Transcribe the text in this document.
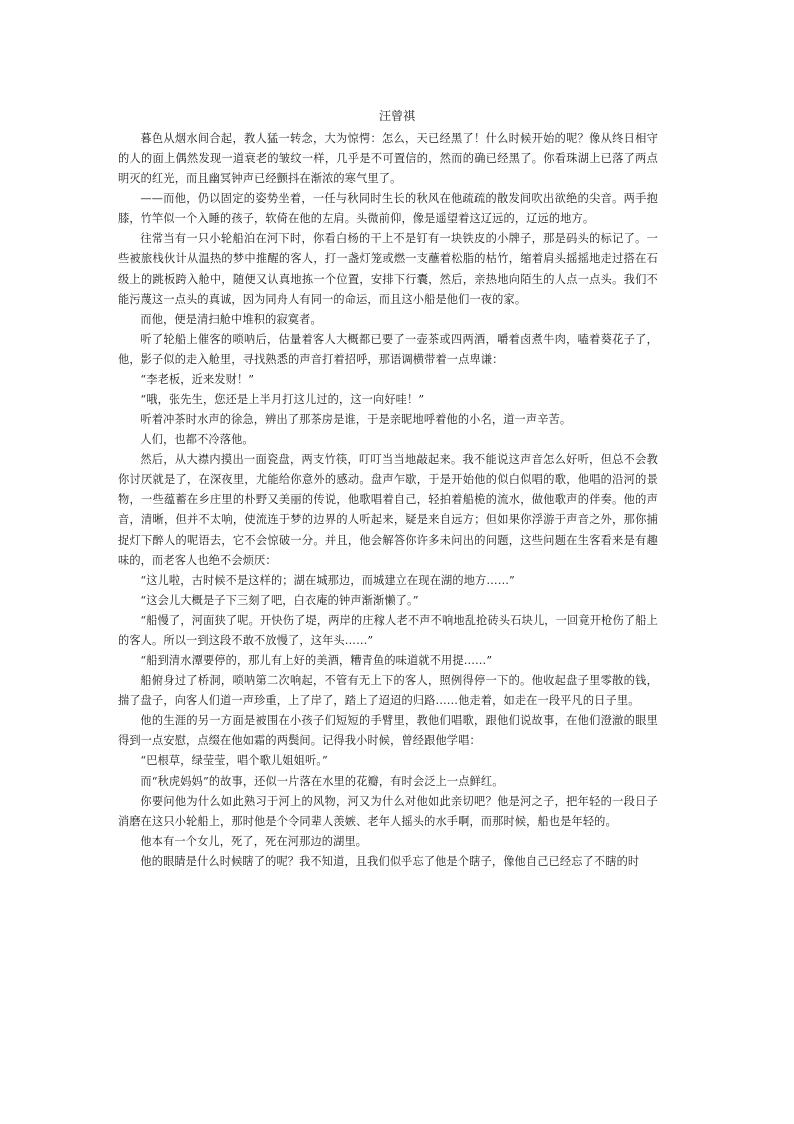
汪曾祺

暮色从烟水间合起，教人猛一转念，大为惊愕：怎么，天已经黑了！什么时候开始的呢？像从终日相守的人的面上偶然发现一道衰老的皱纹一样，几乎是不可置信的，然而的确已经黑了。你看珠湖上已落了两点明灭的红光，而且幽冥钟声已经颤抖在渐浓的寒气里了。

——而他，仍以固定的姿势坐着，一任与秋同时生长的秋风在他疏疏的散发间吹出欲绝的尖音。两手抱膝，竹竿似一个入睡的孩子，软倚在他的左肩。头微前仰，像是遥望着这辽远的，辽远的地方。

往常当有一只小轮船泊在河下时，你看白杨的干上不是钉有一块铁皮的小牌子，那是码头的标记了。一些被旅栈伙计从温热的梦中推醒的客人，打一盏灯笼或燃一支蘸着松脂的枯竹，缩着肩头摇摇地走过搭在石级上的跳板跨入舱中，随便又认真地拣一个位置，安排下行囊，然后，亲热地向陌生的人点一点头。我们不能污蔑这一点头的真诚，因为同舟人有同一的命运，而且这小船是他们一夜的家。

而他，便是清扫舱中堆积的寂寞者。

听了轮船上催客的唢呐后，估量着客人大概都已要了一壶茶或四两酒，嚼着卤煮牛肉，嗑着葵花子了，他，影子似的走入舱里，寻找熟悉的声音打着招呼，那语调横带着一点卑谦：

“李老板，近来发财！”

“哦，张先生，您还是上半月打这儿过的，这一向好哇！”

听着冲茶时水声的徐急，辨出了那茶房是谁，于是亲昵地呼着他的小名，道一声辛苦。

人们，也都不冷落他。

然后，从大襟内摸出一面瓷盘，两支竹筷，叮叮当当地敲起来。我不能说这声音怎么好听，但总不会教你讨厌就是了，在深夜里，尤能给你意外的感动。盘声乍歇，于是开始他的似白似唱的歌，他唱的沿河的景物，一些蕴蓄在乡庄里的朴野又美丽的传说，他歌唱着自己，轻拍着船桅的流水，做他歌声的伴奏。他的声音，清晰，但并不太响，使流连于梦的边界的人听起来，疑是来自远方；但如果你浮游于声音之外，那你捕捉灯下醉人的呢语去，它不会惊破一分。并且，他会解答你许多未问出的问题，这些问题在生客看来是有趣味的，而老客人也绝不会烦厌：

“这儿啦，古时候不是这样的；湖在城那边，而城建立在现在湖的地方……”

“这会儿大概是子下三刻了吧，白衣庵的钟声渐渐懒了。”

“船慢了，河面狭了呢。开快伤了堤，两岸的庄稼人老不声不响地乱抢砖头石块儿，一回竟开枪伤了船上的客人。所以一到这段不敢不放慢了，这年头……”

“船到清水潭要停的，那儿有上好的美酒，糟青鱼的味道就不用提……”

船俯身过了桥洞，唢呐第二次响起，不管有无上下的客人，照例得停一下的。他收起盘子里零散的钱，揣了盘子，向客人们道一声珍重，上了岸了，踏上了迢迢的归路……他走着，如走在一段平凡的日子里。

他的生涯的另一方面是被围在小孩子们短短的手臂里，教他们唱歌，跟他们说故事，在他们澄澈的眼里得到一点安慰，点缀在他如霜的两鬓间。记得我小时候，曾经跟他学唱：

“巴根草，绿莹莹，唱个歌儿姐姐听。”

而“秋虎妈妈”的故事，还似一片落在水里的花瓣，有时会泛上一点鲜红。

你要问他为什么如此熟习于河上的风物，河又为什么对他如此亲切吧？他是河之子，把年轻的一段日子消磨在这只小轮船上，那时他是个令同辈人羡嫉、老年人摇头的水手啊，而那时候，船也是年轻的。

他本有一个女儿，死了，死在河那边的湖里。

他的眼睛是什么时候瞎了的呢？我不知道，且我们似乎忘了他是个瞎子，像他自己已经忘了不瞎的时
